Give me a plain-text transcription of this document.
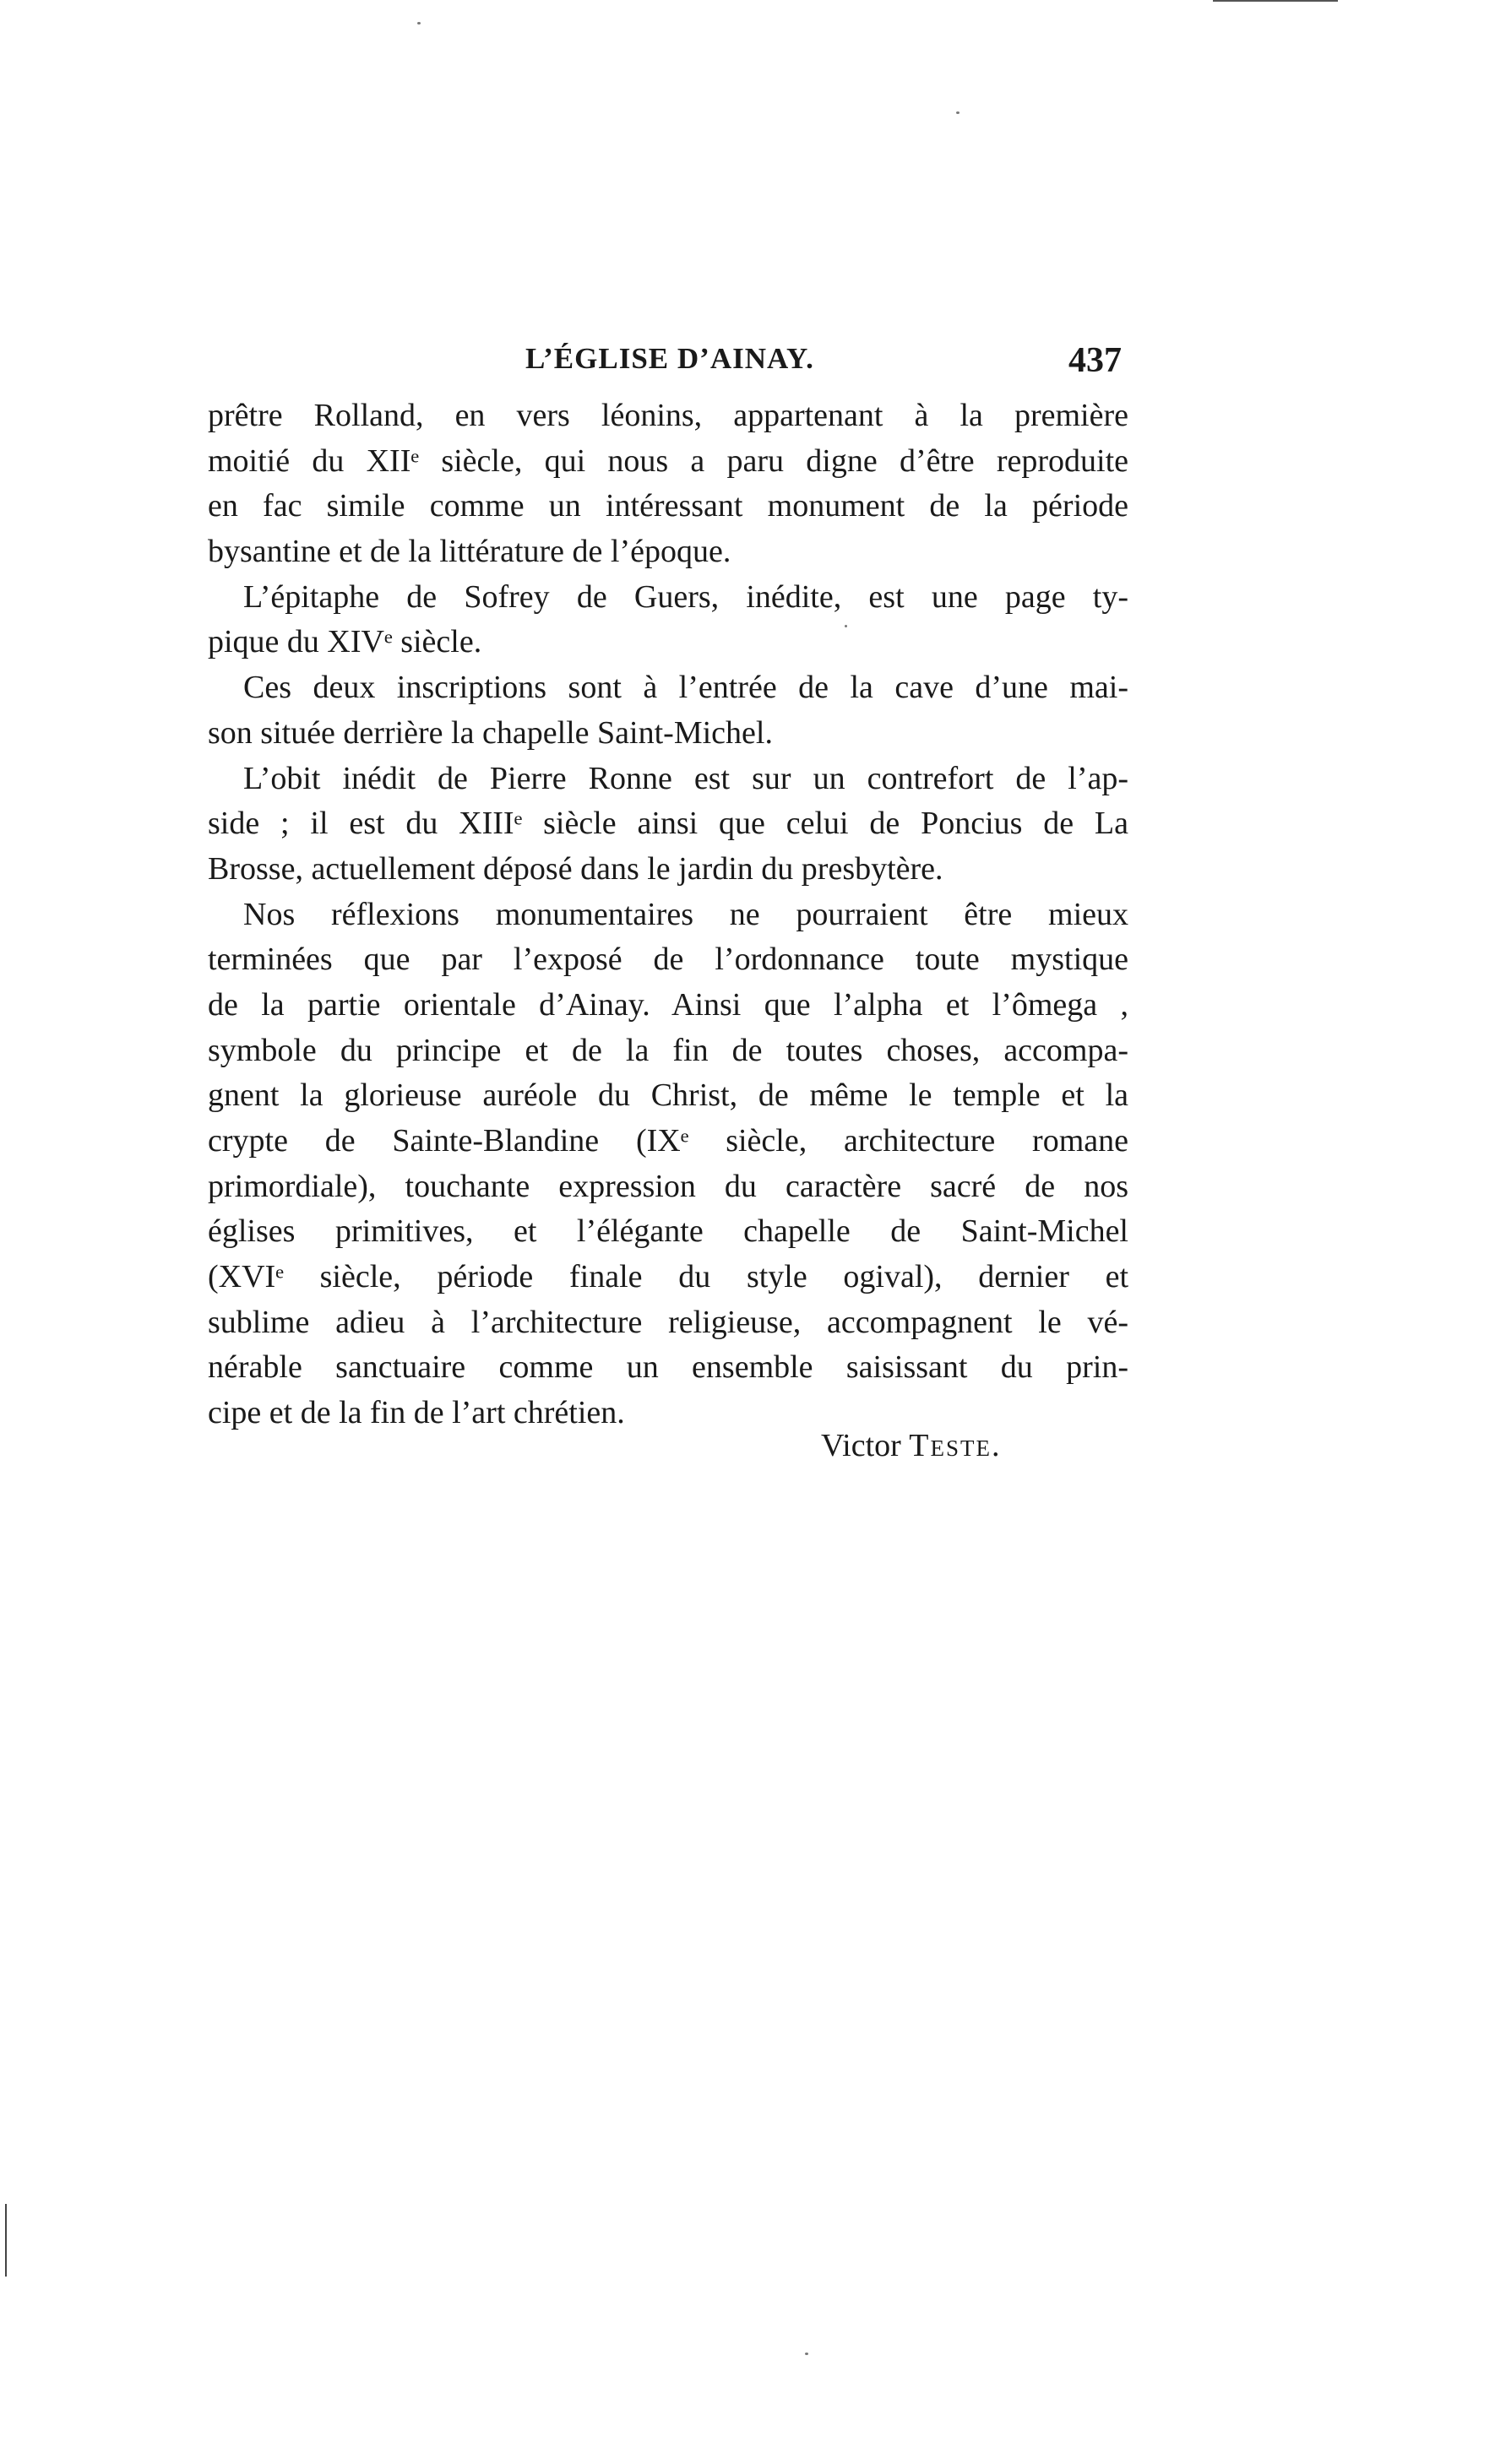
L’ÉGLISE D’AINAY.	437
prêtre Rolland, en vers léonins, appartenant à la première
moitié du XIIᵉ siècle, qui nous a paru digne d’être reproduite
en fac simile comme un intéressant monument de la période
bysantine et de la littérature de l’époque.
L’épitaphe de Sofrey de Guers, inédite, est une page ty-
pique du XIVᵉ siècle.
Ces deux inscriptions sont à l’entrée de la cave d’une mai-
son située derrière la chapelle Saint-Michel.
L’obit inédit de Pierre Ronne est sur un contrefort de l’ap-
side ; il est du XIIIᵉ siècle ainsi que celui de Poncius de La
Brosse, actuellement déposé dans le jardin du presbytère.
Nos réflexions monumentaires ne pourraient être mieux
terminées que par l’exposé de l’ordonnance toute mystique
de la partie orientale d’Ainay. Ainsi que l’alpha et l’ômega ,
symbole du principe et de la fin de toutes choses, accompa-
gnent la glorieuse auréole du Christ, de même le temple et la
crypte de Sainte-Blandine (IXᵉ siècle, architecture romane
primordiale), touchante expression du caractère sacré de nos
églises primitives, et l’élégante chapelle de Saint-Michel
(XVIᵉ siècle, période finale du style ogival), dernier et
sublime adieu à l’architecture religieuse, accompagnent le vé-
nérable sanctuaire comme un ensemble saisissant du prin-
cipe et de la fin de l’art chrétien.
Victor Teste.
